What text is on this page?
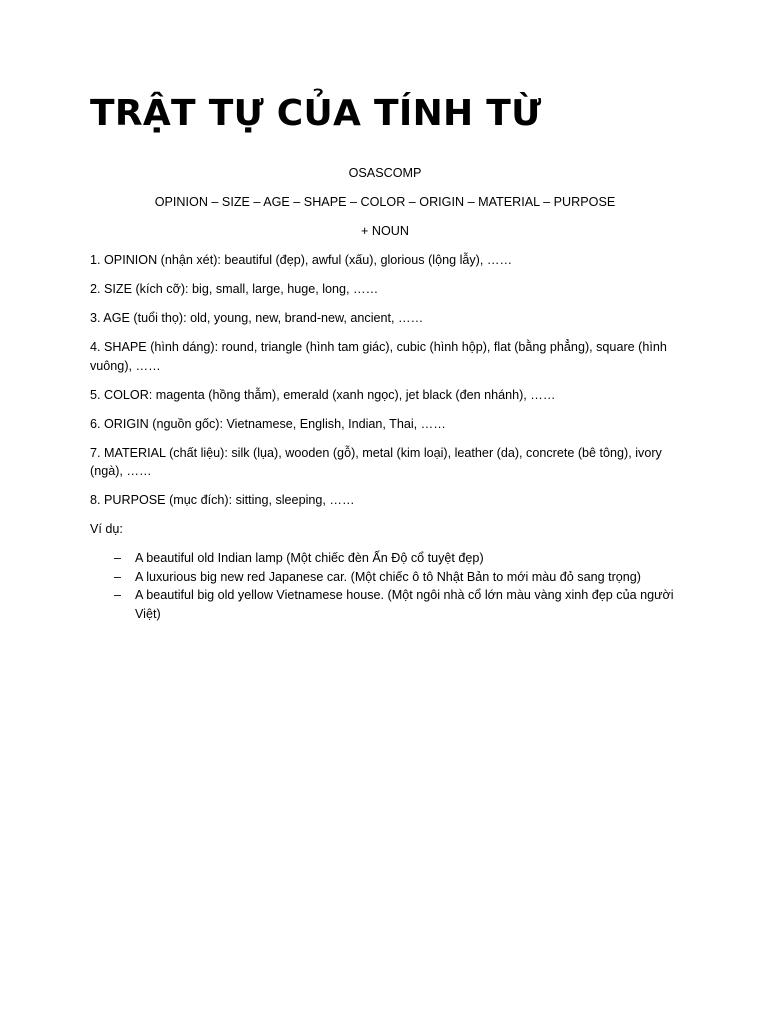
TRẬT TỰ CỦA TÍNH TỪ

OSASCOMP

OPINION – SIZE – AGE – SHAPE – COLOR – ORIGIN – MATERIAL – PURPOSE

+ NOUN

1. OPINION (nhận xét): beautiful (đẹp), awful (xấu), glorious (lộng lẫy), ……

2. SIZE (kích cỡ): big, small, large, huge, long, ……

3. AGE (tuổi thọ): old, young, new, brand-new, ancient, ……

4. SHAPE (hình dáng): round, triangle (hình tam giác), cubic (hình hộp), flat (bằng phẳng), square (hình vuông), ……

5. COLOR: magenta (hồng thẫm), emerald (xanh ngọc), jet black (đen nhánh), ……

6. ORIGIN (nguồn gốc): Vietnamese, English, Indian, Thai, ……

7. MATERIAL (chất liệu): silk (lụa), wooden (gỗ), metal (kim loại), leather (da), concrete (bê tông), ivory (ngà), ……

8. PURPOSE (mục đích): sitting, sleeping, ……

Ví dụ:

– A beautiful old Indian lamp (Một chiếc đèn Ấn Độ cổ tuyệt đẹp)
– A luxurious big new red Japanese car. (Một chiếc ô tô Nhật Bản to mới màu đỏ sang trọng)
– A beautiful big old yellow Vietnamese house. (Một ngôi nhà cổ lớn màu vàng xinh đẹp của người Việt)
